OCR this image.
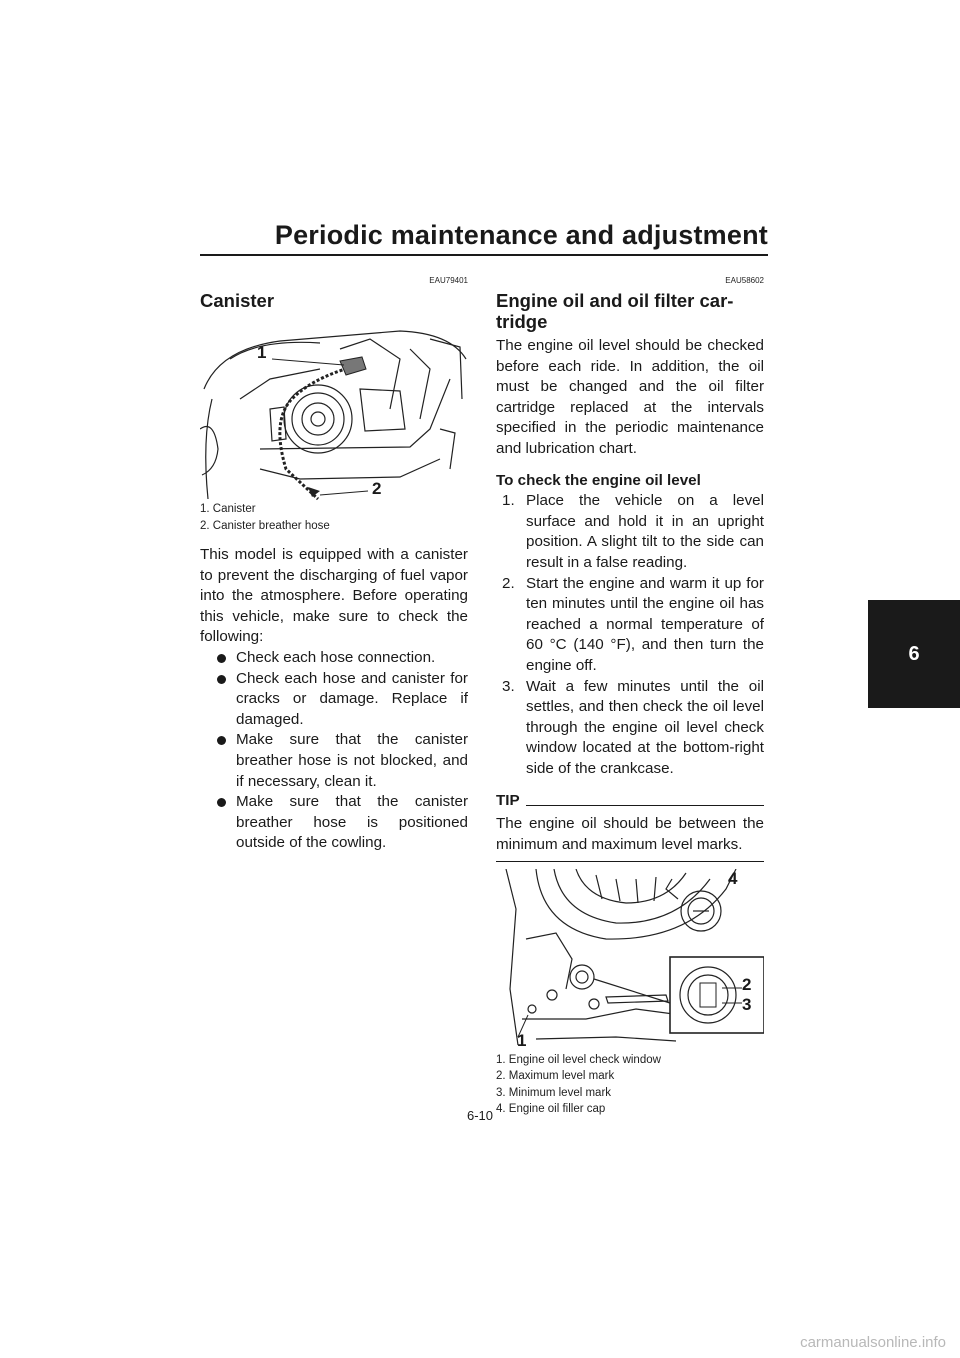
Periodic maintenance and adjustment
6
EAU79401
Canister
1
2
1. Canister
2. Canister breather hose

This model is equipped with a canister to prevent the discharging of fuel vapor into the atmosphere. Before operating this vehicle, make sure to check the following:

Check each hose connection.
Check each hose and canister for cracks or damage. Replace if damaged.
Make sure that the canister breather hose is not blocked, and if necessary, clean it.
Make sure that the canister breather hose is positioned outside of the cowling.
EAU58602
Engine oil and oil filter car-
tridge

The engine oil level should be checked before each ride. In addition, the oil must be changed and the oil filter cartridge replaced at the intervals specified in the periodic maintenance and lubrication chart.

To check the engine oil level
1. Place the vehicle on a level surface and hold it in an upright position. A slight tilt to the side can result in a false reading.
2. Start the engine and warm it up for ten minutes until the engine oil has reached a normal temperature of 60 °C (140 °F), and then turn the engine off.
3. Wait a few minutes until the oil settles, and then check the oil level through the engine oil level check window located at the bottom-right side of the crankcase.
TIP

The engine oil should be between the minimum and maximum level marks.

4
2
3
1
1. Engine oil level check window
2. Maximum level mark
3. Minimum level mark
4. Engine oil filler cap
6-10
carmanualsonline.info
